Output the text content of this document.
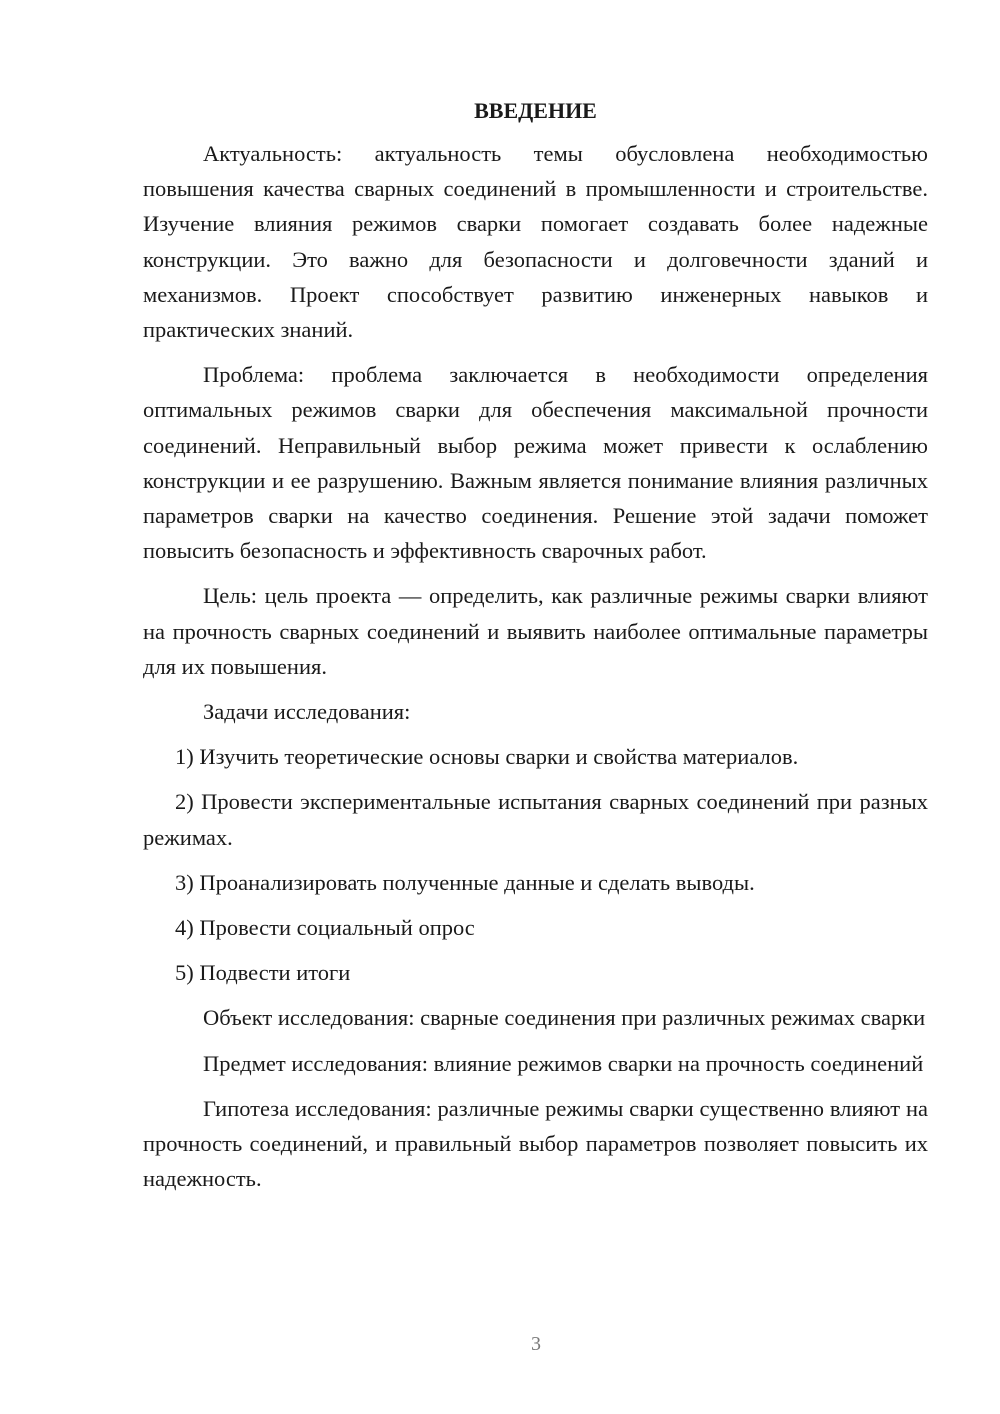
ВВЕДЕНИЕ

Актуальность: актуальность темы обусловлена необходимостью повышения качества сварных соединений в промышленности и строительстве. Изучение влияния режимов сварки помогает создавать более надежные конструкции. Это важно для безопасности и долговечности зданий и механизмов. Проект способствует развитию инженерных навыков и практических знаний.

Проблема: проблема заключается в необходимости определения оптимальных режимов сварки для обеспечения максимальной прочности соединений. Неправильный выбор режима может привести к ослаблению конструкции и ее разрушению. Важным является понимание влияния различных параметров сварки на качество соединения. Решение этой задачи поможет повысить безопасность и эффективность сварочных работ.

Цель: цель проекта — определить, как различные режимы сварки влияют на прочность сварных соединений и выявить наиболее оптимальные параметры для их повышения.

Задачи исследования:

1) Изучить теоретические основы сварки и свойства материалов.

2) Провести экспериментальные испытания сварных соединений при разных режимах.

3) Проанализировать полученные данные и сделать выводы.

4) Провести социальный опрос

5) Подвести итоги

Объект исследования: сварные соединения при различных режимах сварки

Предмет исследования: влияние режимов сварки на прочность соединений

Гипотеза исследования: различные режимы сварки существенно влияют на прочность соединений, и правильный выбор параметров позволяет повысить их надежность.

3
